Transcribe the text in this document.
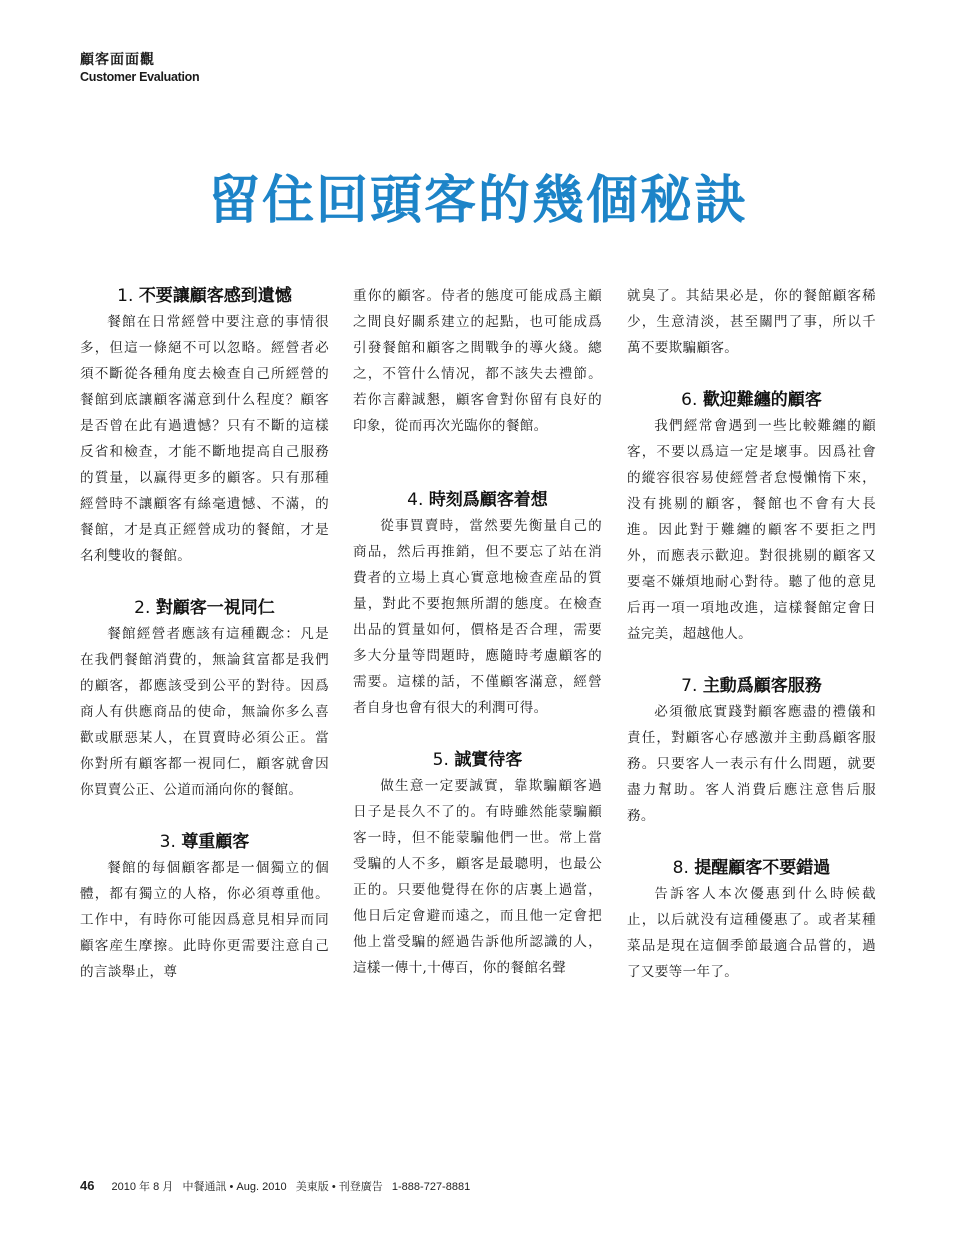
顧客面面觀
Customer Evaluation
留住回頭客的幾個秘訣
1. 不要讓顧客感到遺憾

餐館在日常經營中要注意的事情很多，但這一條絕不可以忽略。經營者必須不斷從各種角度去檢查自己所經營的餐館到底讓顧客滿意到什么程度？顧客是否曾在此有過遺憾？只有不斷的這樣反省和檢查，才能不斷地提高自己服務的質量，以赢得更多的顧客。只有那種經營時不讓顧客有絲毫遺憾、不滿，的餐館，才是真正經營成功的餐館，才是名利雙收的餐館。

2. 對顧客一視同仁

餐館經營者應該有這種觀念：凡是在我們餐館消費的，無論貧富都是我們的顧客，都應該受到公平的對待。因爲商人有供應商品的使命，無論你多么喜歡或厭惡某人，在買賣時必須公正。當你對所有顧客都一視同仁，顧客就會因你買賣公正、公道而涌向你的餐館。

3. 尊重顧客

餐館的每個顧客都是一個獨立的個體，都有獨立的人格，你必須尊重他。工作中，有時你可能因爲意見相异而同顧客産生摩擦。此時你更需要注意自己的言談舉止，尊

重你的顧客。侍者的態度可能成爲主顧之間良好關系建立的起點，也可能成爲引發餐館和顧客之間戰争的導火綫。總之，不管什么情况，都不該失去禮節。若你言辭誠懇，顧客會對你留有良好的印象，從而再次光臨你的餐館。

4. 時刻爲顧客着想

從事買賣時，當然要先衡量自己的商品，然后再推銷，但不要忘了站在消費者的立場上真心實意地檢查産品的質量，對此不要抱無所謂的態度。在檢查出品的質量如何，價格是否合理，需要多大分量等問題時，應隨時考慮顧客的需要。這樣的話，不僅顧客滿意，經營者自身也會有很大的利潤可得。

5. 誠實待客

做生意一定要誠實，靠欺騙顧客過日子是長久不了的。有時雖然能蒙騙顧客一時，但不能蒙騙他們一世。常上當受騙的人不多，顧客是最聰明，也最公正的。只要他覺得在你的店裏上過當，他日后定會避而遠之，而且他一定會把他上當受騙的經過告訴他所認識的人，這樣一傳十,十傳百，你的餐館名聲

就臭了。其結果必是，你的餐館顧客稀少，生意清淡，甚至關門了事，所以千萬不要欺騙顧客。

6. 歡迎難纏的顧客

我們經常會遇到一些比較難纏的顧客，不要以爲這一定是壞事。因爲社會的縱容很容易使經營者怠慢懶惰下來，没有挑剔的顧客，餐館也不會有大長進。因此對于難纏的顧客不要拒之門外，而應表示歡迎。對很挑剔的顧客又要毫不嫌煩地耐心對待。聽了他的意見后再一項一項地改進，這樣餐館定會日益完美，超越他人。

7. 主動爲顧客服務

必須徹底實踐對顧客應盡的禮儀和責任，對顧客心存感激并主動爲顧客服務。只要客人一表示有什么問題，就要盡力幫助。客人消費后應注意售后服務。

8. 提醒顧客不要錯過

告訴客人本次優惠到什么時候截止，以后就没有這種優惠了。或者某種菜品是現在這個季節最適合品嘗的，過了又要等一年了。

46 2010 年 8 月 中餐通訊 • Aug. 2010 美東版 • 刊登廣告 1-888-727-8881
